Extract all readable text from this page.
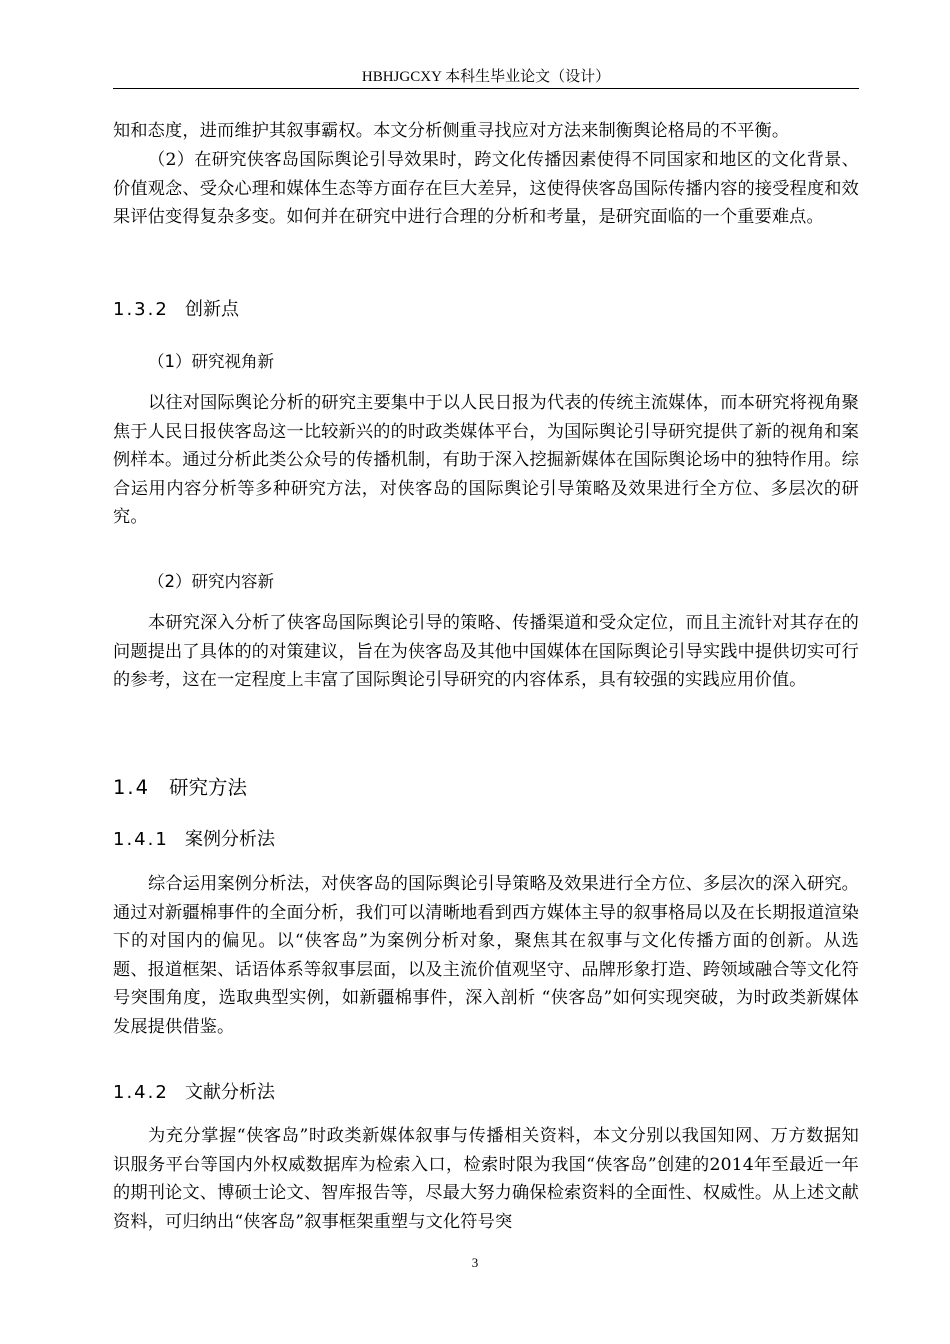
HBHJGCXY 本科生毕业论文（设计）

知和态度，进而维护其叙事霸权。本文分析侧重寻找应对方法来制衡舆论格局的不平衡。

（2）在研究侠客岛国际舆论引导效果时，跨文化传播因素使得不同国家和地区的文化背景、价值观念、受众心理和媒体生态等方面存在巨大差异，这使得侠客岛国际传播内容的接受程度和效果评估变得复杂多变。如何并在研究中进行合理的分析和考量，是研究面临的一个重要难点。

1.3.2 创新点
（1）研究视角新

以往对国际舆论分析的研究主要集中于以人民日报为代表的传统主流媒体，而本研究将视角聚焦于人民日报侠客岛这一比较新兴的的时政类媒体平台，为国际舆论引导研究提供了新的视角和案例样本。通过分析此类公众号的传播机制，有助于深入挖掘新媒体在国际舆论场中的独特作用。综合运用内容分析等多种研究方法，对侠客岛的国际舆论引导策略及效果进行全方位、多层次的研究。

（2）研究内容新

本研究深入分析了侠客岛国际舆论引导的策略、传播渠道和受众定位，而且主流针对其存在的问题提出了具体的的对策建议，旨在为侠客岛及其他中国媒体在国际舆论引导实践中提供切实可行的参考，这在一定程度上丰富了国际舆论引导研究的内容体系，具有较强的实践应用价值。

1.4 研究方法
1.4.1 案例分析法

综合运用案例分析法，对侠客岛的国际舆论引导策略及效果进行全方位、多层次的深入研究。通过对新疆棉事件的全面分析，我们可以清晰地看到西方媒体主导的叙事格局以及在长期报道渲染下的对国内的偏见。以“侠客岛”为案例分析对象，聚焦其在叙事与文化传播方面的创新。从选题、报道框架、话语体系等叙事层面，以及主流价值观坚守、品牌形象打造、跨领域融合等文化符号突围角度，选取典型实例，如新疆棉事件，深入剖析 “侠客岛”如何实现突破，为时政类新媒体发展提供借鉴。

1.4.2 文献分析法

为充分掌握“侠客岛”时政类新媒体叙事与传播相关资料，本文分别以我国知网、万方数据知识服务平台等国内外权威数据库为检索入口，检索时限为我国“侠客岛”创建的2014年至最近一年的期刊论文、博硕士论文、智库报告等，尽最大努力确保检索资料的全面性、权威性。从上述文献资料，可归纳出“侠客岛”叙事框架重塑与文化符号突

3
